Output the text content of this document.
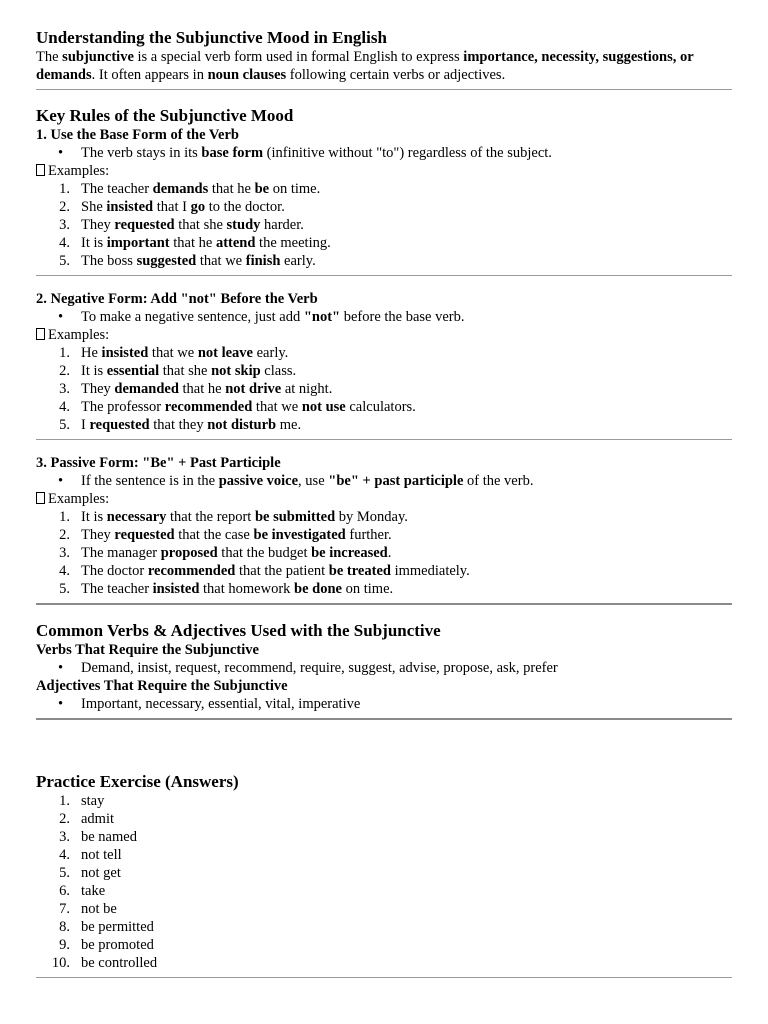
Understanding the Subjunctive Mood in English

The subjunctive is a special verb form used in formal English to express importance, necessity, suggestions, or demands. It often appears in noun clauses following certain verbs or adjectives.

Key Rules of the Subjunctive Mood
1. Use the Base Form of the Verb
• The verb stays in its base form (infinitive without "to") regardless of the subject.
Examples:
1. The teacher demands that he be on time.
2. She insisted that I go to the doctor.
3. They requested that she study harder.
4. It is important that he attend the meeting.
5. The boss suggested that we finish early.
2. Negative Form: Add "not" Before the Verb
• To make a negative sentence, just add "not" before the base verb.
Examples:
1. He insisted that we not leave early.
2. It is essential that she not skip class.
3. They demanded that he not drive at night.
4. The professor recommended that we not use calculators.
5. I requested that they not disturb me.
3. Passive Form: "Be" + Past Participle
• If the sentence is in the passive voice, use "be" + past participle of the verb.
Examples:
1. It is necessary that the report be submitted by Monday.
2. They requested that the case be investigated further.
3. The manager proposed that the budget be increased.
4. The doctor recommended that the patient be treated immediately.
5. The teacher insisted that homework be done on time.
Common Verbs & Adjectives Used with the Subjunctive
Verbs That Require the Subjunctive
• Demand, insist, request, recommend, require, suggest, advise, propose, ask, prefer
Adjectives That Require the Subjunctive
• Important, necessary, essential, vital, imperative
Practice Exercise (Answers)
1. stay
2. admit
3. be named
4. not tell
5. not get
6. take
7. not be
8. be permitted
9. be promoted
10. be controlled
